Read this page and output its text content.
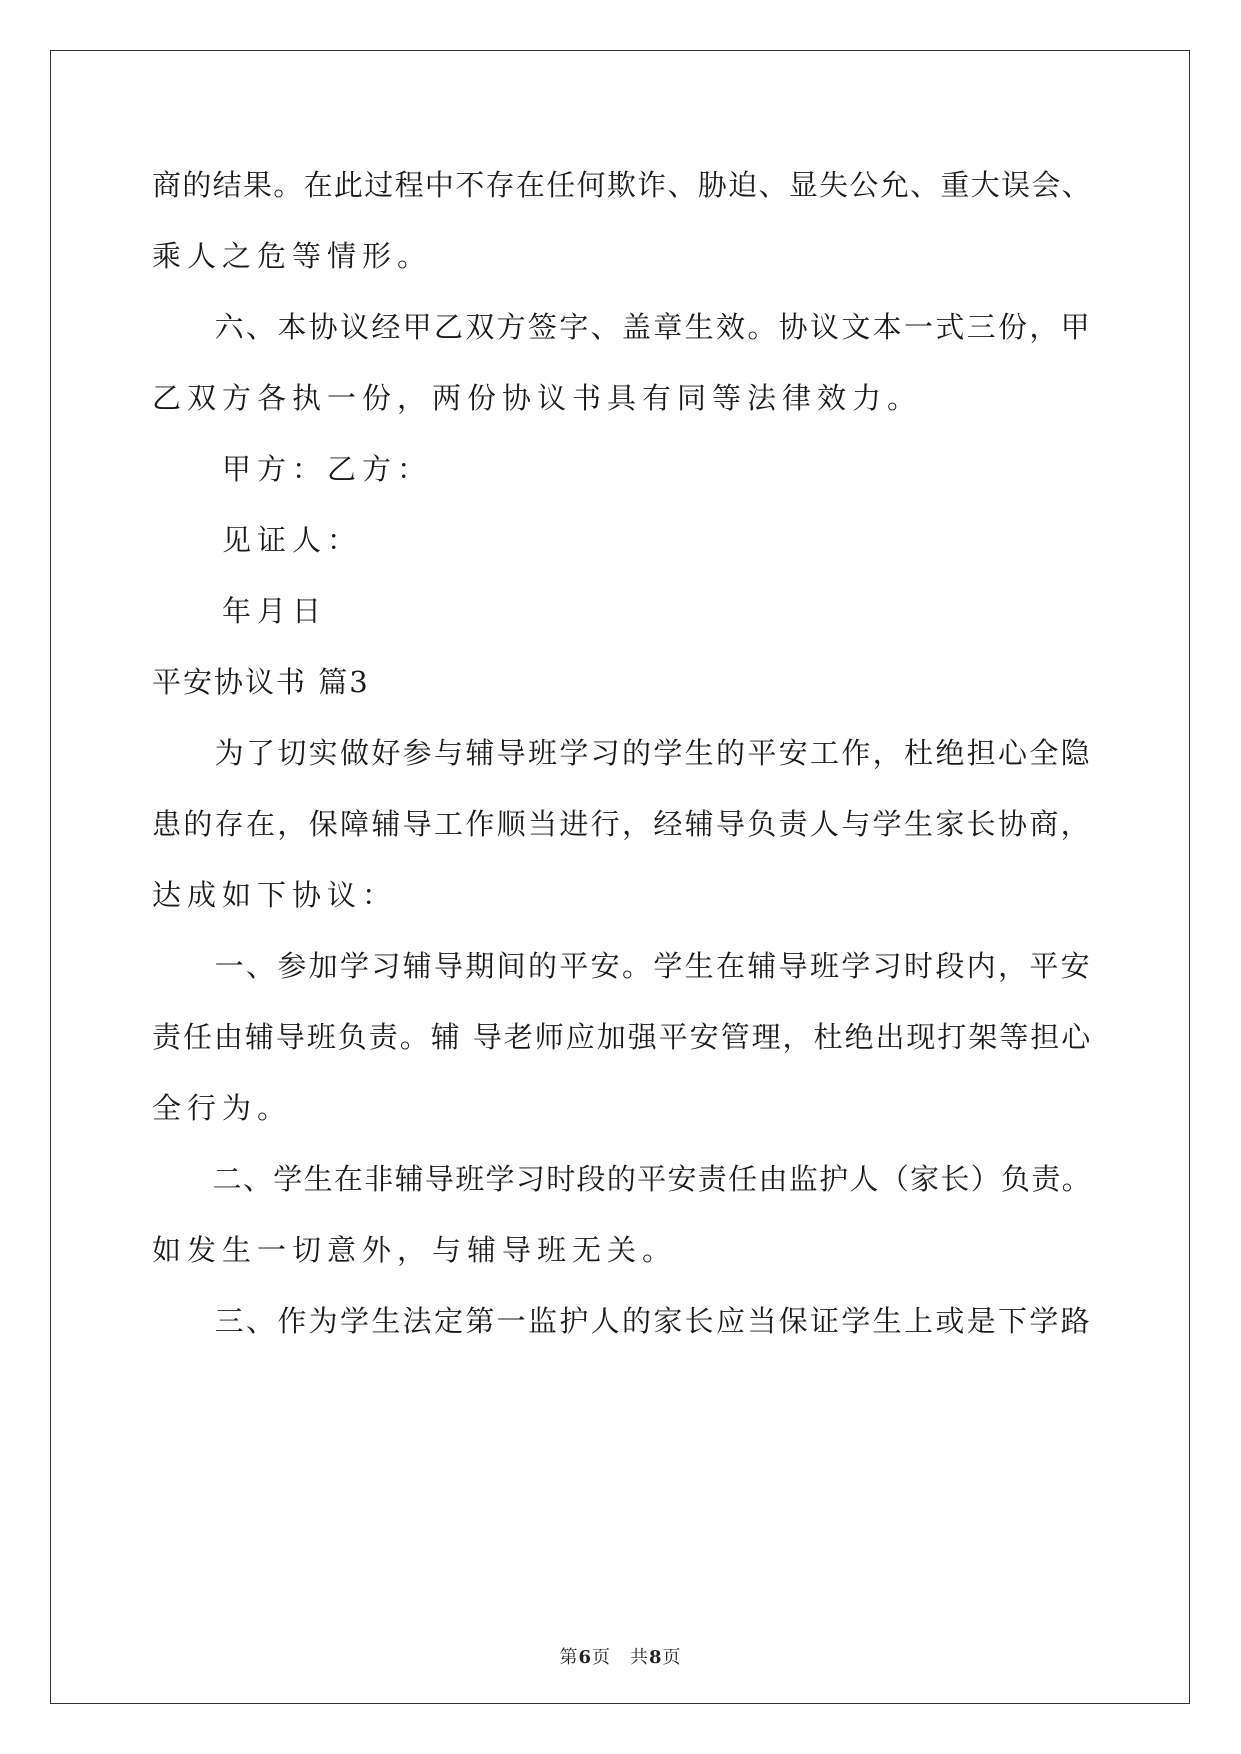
商的结果。在此过程中不存在任何欺诈、胁迫、显失公允、重大误会、
乘人之危等情形。
　　六、本协议经甲乙双方签字、盖章生效。协议文本一式三份，甲
乙双方各执一份，两份协议书具有同等法律效力。
　　甲方：乙方：
　　见证人：
　　年月日
平安协议书 篇3
　　为了切实做好参与辅导班学习的学生的平安工作，杜绝担心全隐
患的存在，保障辅导工作顺当进行，经辅导负责人与学生家长协商，
达成如下协议：
　　一、参加学习辅导期间的平安。学生在辅导班学习时段内，平安
责任由辅导班负责。辅 导老师应加强平安管理，杜绝出现打架等担心
全行为。
　　二、学生在非辅导班学习时段的平安责任由监护人（家长）负责。
如发生一切意外，与辅导班无关。
　　三、作为学生法定第一监护人的家长应当保证学生上或是下学路
第6页　共8页
